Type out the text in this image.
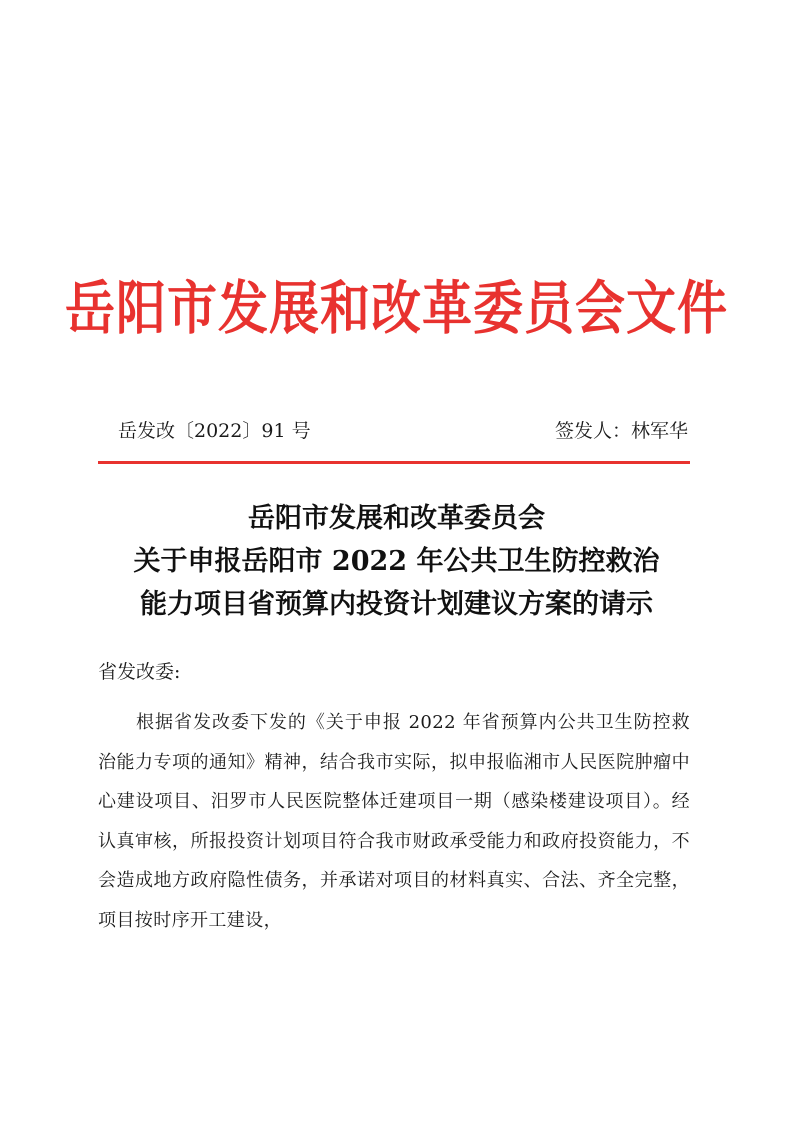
岳阳市发展和改革委员会文件
岳发改〔2022〕91 号	签发人：林军华
岳阳市发展和改革委员会
关于申报岳阳市 2022 年公共卫生防控救治
能力项目省预算内投资计划建议方案的请示
省发改委:
根据省发改委下发的《关于申报 2022 年省预算内公共卫生防控救治能力专项的通知》精神，结合我市实际，拟申报临湘市人民医院肿瘤中心建设项目、汨罗市人民医院整体迁建项目一期（感染楼建设项目）。经认真审核，所报投资计划项目符合我市财政承受能力和政府投资能力，不会造成地方政府隐性债务，并承诺对项目的材料真实、合法、齐全完整，项目按时序开工建设，
